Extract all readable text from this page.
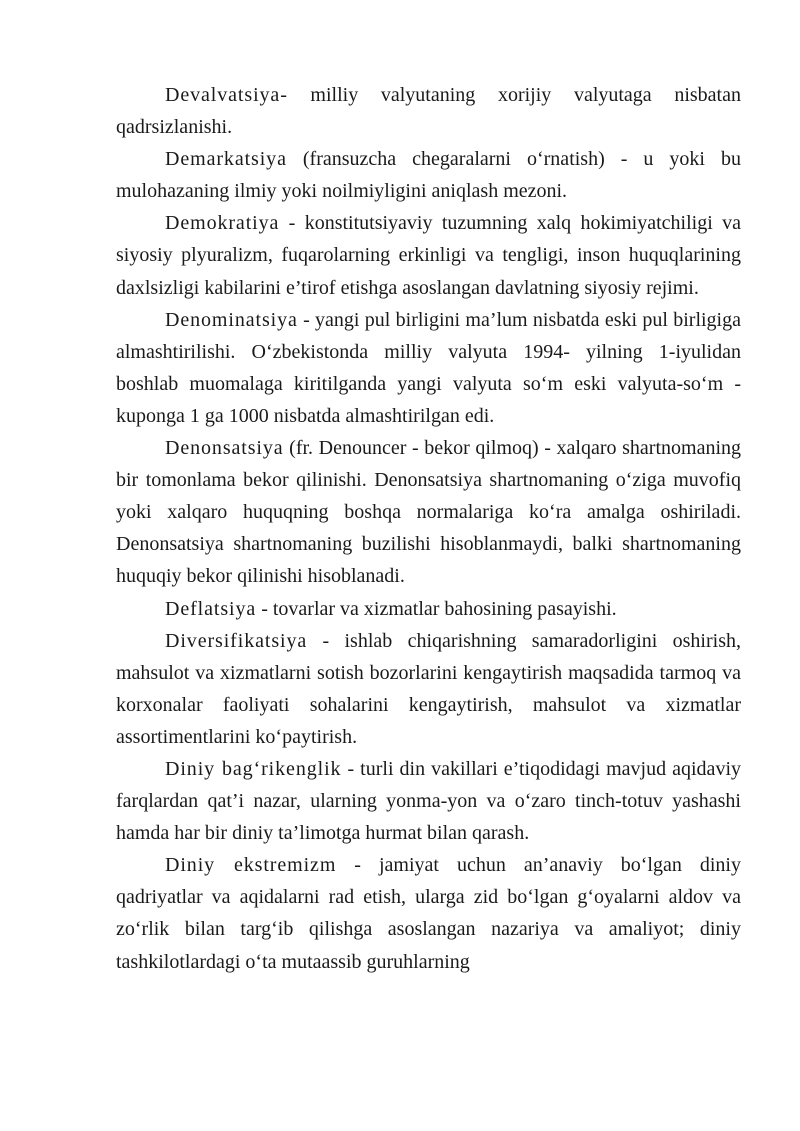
Devalvatsiya- milliy valyutaning xorijiy valyutaga nisbatan qadrsizlanishi.

Demarkatsiya (fransuzcha chegaralarni o‘rnatish) - u yoki bu mulohazaning ilmiy yoki noilmiyligini aniqlash mezoni.

Demokratiya - konstitutsiyaviy tuzumning xalq hokimiyatchiligi va siyosiy plyuralizm, fuqarolarning erkinligi va tengligi, inson huquqlarining daxlsizligi kabilarini e’tirof etishga asoslangan davlatning siyosiy rejimi.

Denominatsiya - yangi pul birligini ma’lum nisbatda eski pul birligiga almashtirilishi. O‘zbekistonda milliy valyuta 1994- yilning 1-iyulidan boshlab muomalaga kiritilganda yangi valyuta so‘m eski valyuta-so‘m - kuponga 1 ga 1000 nisbatda almashtirilgan edi.

Denonsatsiya (fr. Denouncer - bekor qilmoq) - xalqaro shartnomaning bir tomonlama bekor qilinishi. Denonsatsiya shartnomaning o‘ziga muvofiq yoki xalqaro huquqning boshqa normalariga ko‘ra amalga oshiriladi. Denonsatsiya shartnomaning buzilishi hisoblanmaydi, balki shartnomaning huquqiy bekor qilinishi hisoblanadi.

Deflatsiya - tovarlar va xizmatlar bahosining pasayishi.

Diversifikatsiya - ishlab chiqarishning samaradorligini oshirish, mahsulot va xizmatlarni sotish bozorlarini kengaytirish maqsadida tarmoq va korxonalar faoliyati sohalarini kengaytirish, mahsulot va xizmatlar assortimentlarini ko‘paytirish.

Diniy bag‘rikenglik - turli din vakillari e’tiqodidagi mavjud aqidaviy farqlardan qat’i nazar, ularning yonma-yon va o‘zaro tinch-totuv yashashi hamda har bir diniy ta’limotga hurmat bilan qarash.

Diniy ekstremizm - jamiyat uchun an’anaviy bo‘lgan diniy qadriyatlar va aqidalarni rad etish, ularga zid bo‘lgan g‘oyalarni aldov va zo‘rlik bilan targ‘ib qilishga asoslangan nazariya va amaliyot; diniy tashkilotlardagi o‘ta mutaassib guruhlarning
